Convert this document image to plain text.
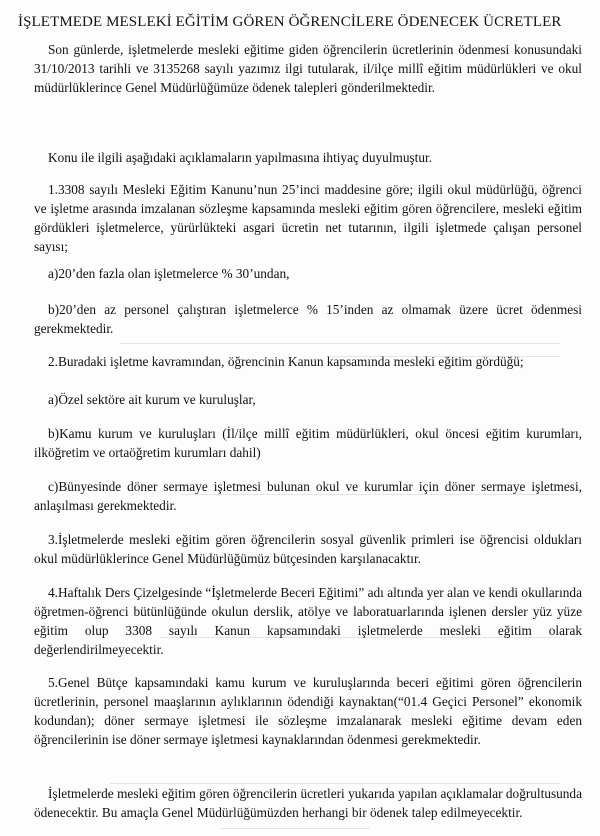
İŞLETMEDE MESLEKİ EĞİTİM GÖREN ÖĞRENCİLERE ÖDENECEK ÜCRETLER

Son günlerde, işletmelerde mesleki eğitime giden öğrencilerin ücretlerinin ödenmesi konusundaki 31/10/2013 tarihli ve 3135268 sayılı yazımız ilgi tutularak, il/ilçe millî eğitim müdürlükleri ve okul müdürlüklerince Genel Müdürlüğümüze ödenek talepleri gönderilmektedir.

Konu ile ilgili aşağıdaki açıklamaların yapılmasına ihtiyaç duyulmuştur.

1.3308 sayılı Mesleki Eğitim Kanunu’nun 25’inci maddesine göre; ilgili okul müdürlüğü, öğrenci ve işletme arasında imzalanan sözleşme kapsamında mesleki eğitim gören öğrencilere, mesleki eğitim gördükleri işletmelerce, yürürlükteki asgari ücretin net tutarının, ilgili işletmede çalışan personel sayısı;

a)20’den fazla olan işletmelerce % 30’undan,

b)20’den az personel çalıştıran işletmelerce % 15’inden az olmamak üzere ücret ödenmesi gerekmektedir.

2.Buradaki işletme kavramından, öğrencinin Kanun kapsamında mesleki eğitim gördüğü;

a)Özel sektöre ait kurum ve kuruluşlar,

b)Kamu kurum ve kuruluşları (İl/ilçe millî eğitim müdürlükleri, okul öncesi eğitim kurumları, ilköğretim ve ortaöğretim kurumları dahil)

c)Bünyesinde döner sermaye işletmesi bulunan okul ve kurumlar için döner sermaye işletmesi, anlaşılması gerekmektedir.

3.İşletmelerde mesleki eğitim gören öğrencilerin sosyal güvenlik primleri ise öğrencisi oldukları okul müdürlüklerince Genel Müdürlüğümüz bütçesinden karşılanacaktır.

4.Haftalık Ders Çizelgesinde “İşletmelerde Beceri Eğitimi” adı altında yer alan ve kendi okullarında öğretmen-öğrenci bütünlüğünde okulun derslik, atölye ve laboratuarlarında işlenen dersler yüz yüze eğitim olup 3308 sayılı Kanun kapsamındaki işletmelerde mesleki eğitim olarak değerlendirilmeyecektir.

5.Genel Bütçe kapsamındaki kamu kurum ve kuruluşlarında beceri eğitimi gören öğrencilerin ücretlerinin, personel maaşlarının aylıklarının ödendiği kaynaktan(“01.4 Geçici Personel” ekonomik kodundan); döner sermaye işletmesi ile sözleşme imzalanarak mesleki eğitime devam eden öğrencilerinin ise döner sermaye işletmesi kaynaklarından ödenmesi gerekmektedir.

İşletmelerde mesleki eğitim gören öğrencilerin ücretleri yukarıda yapılan açıklamalar doğrultusunda ödenecektir. Bu amaçla Genel Müdürlüğümüzden herhangi bir ödenek talep edilmeyecektir.
